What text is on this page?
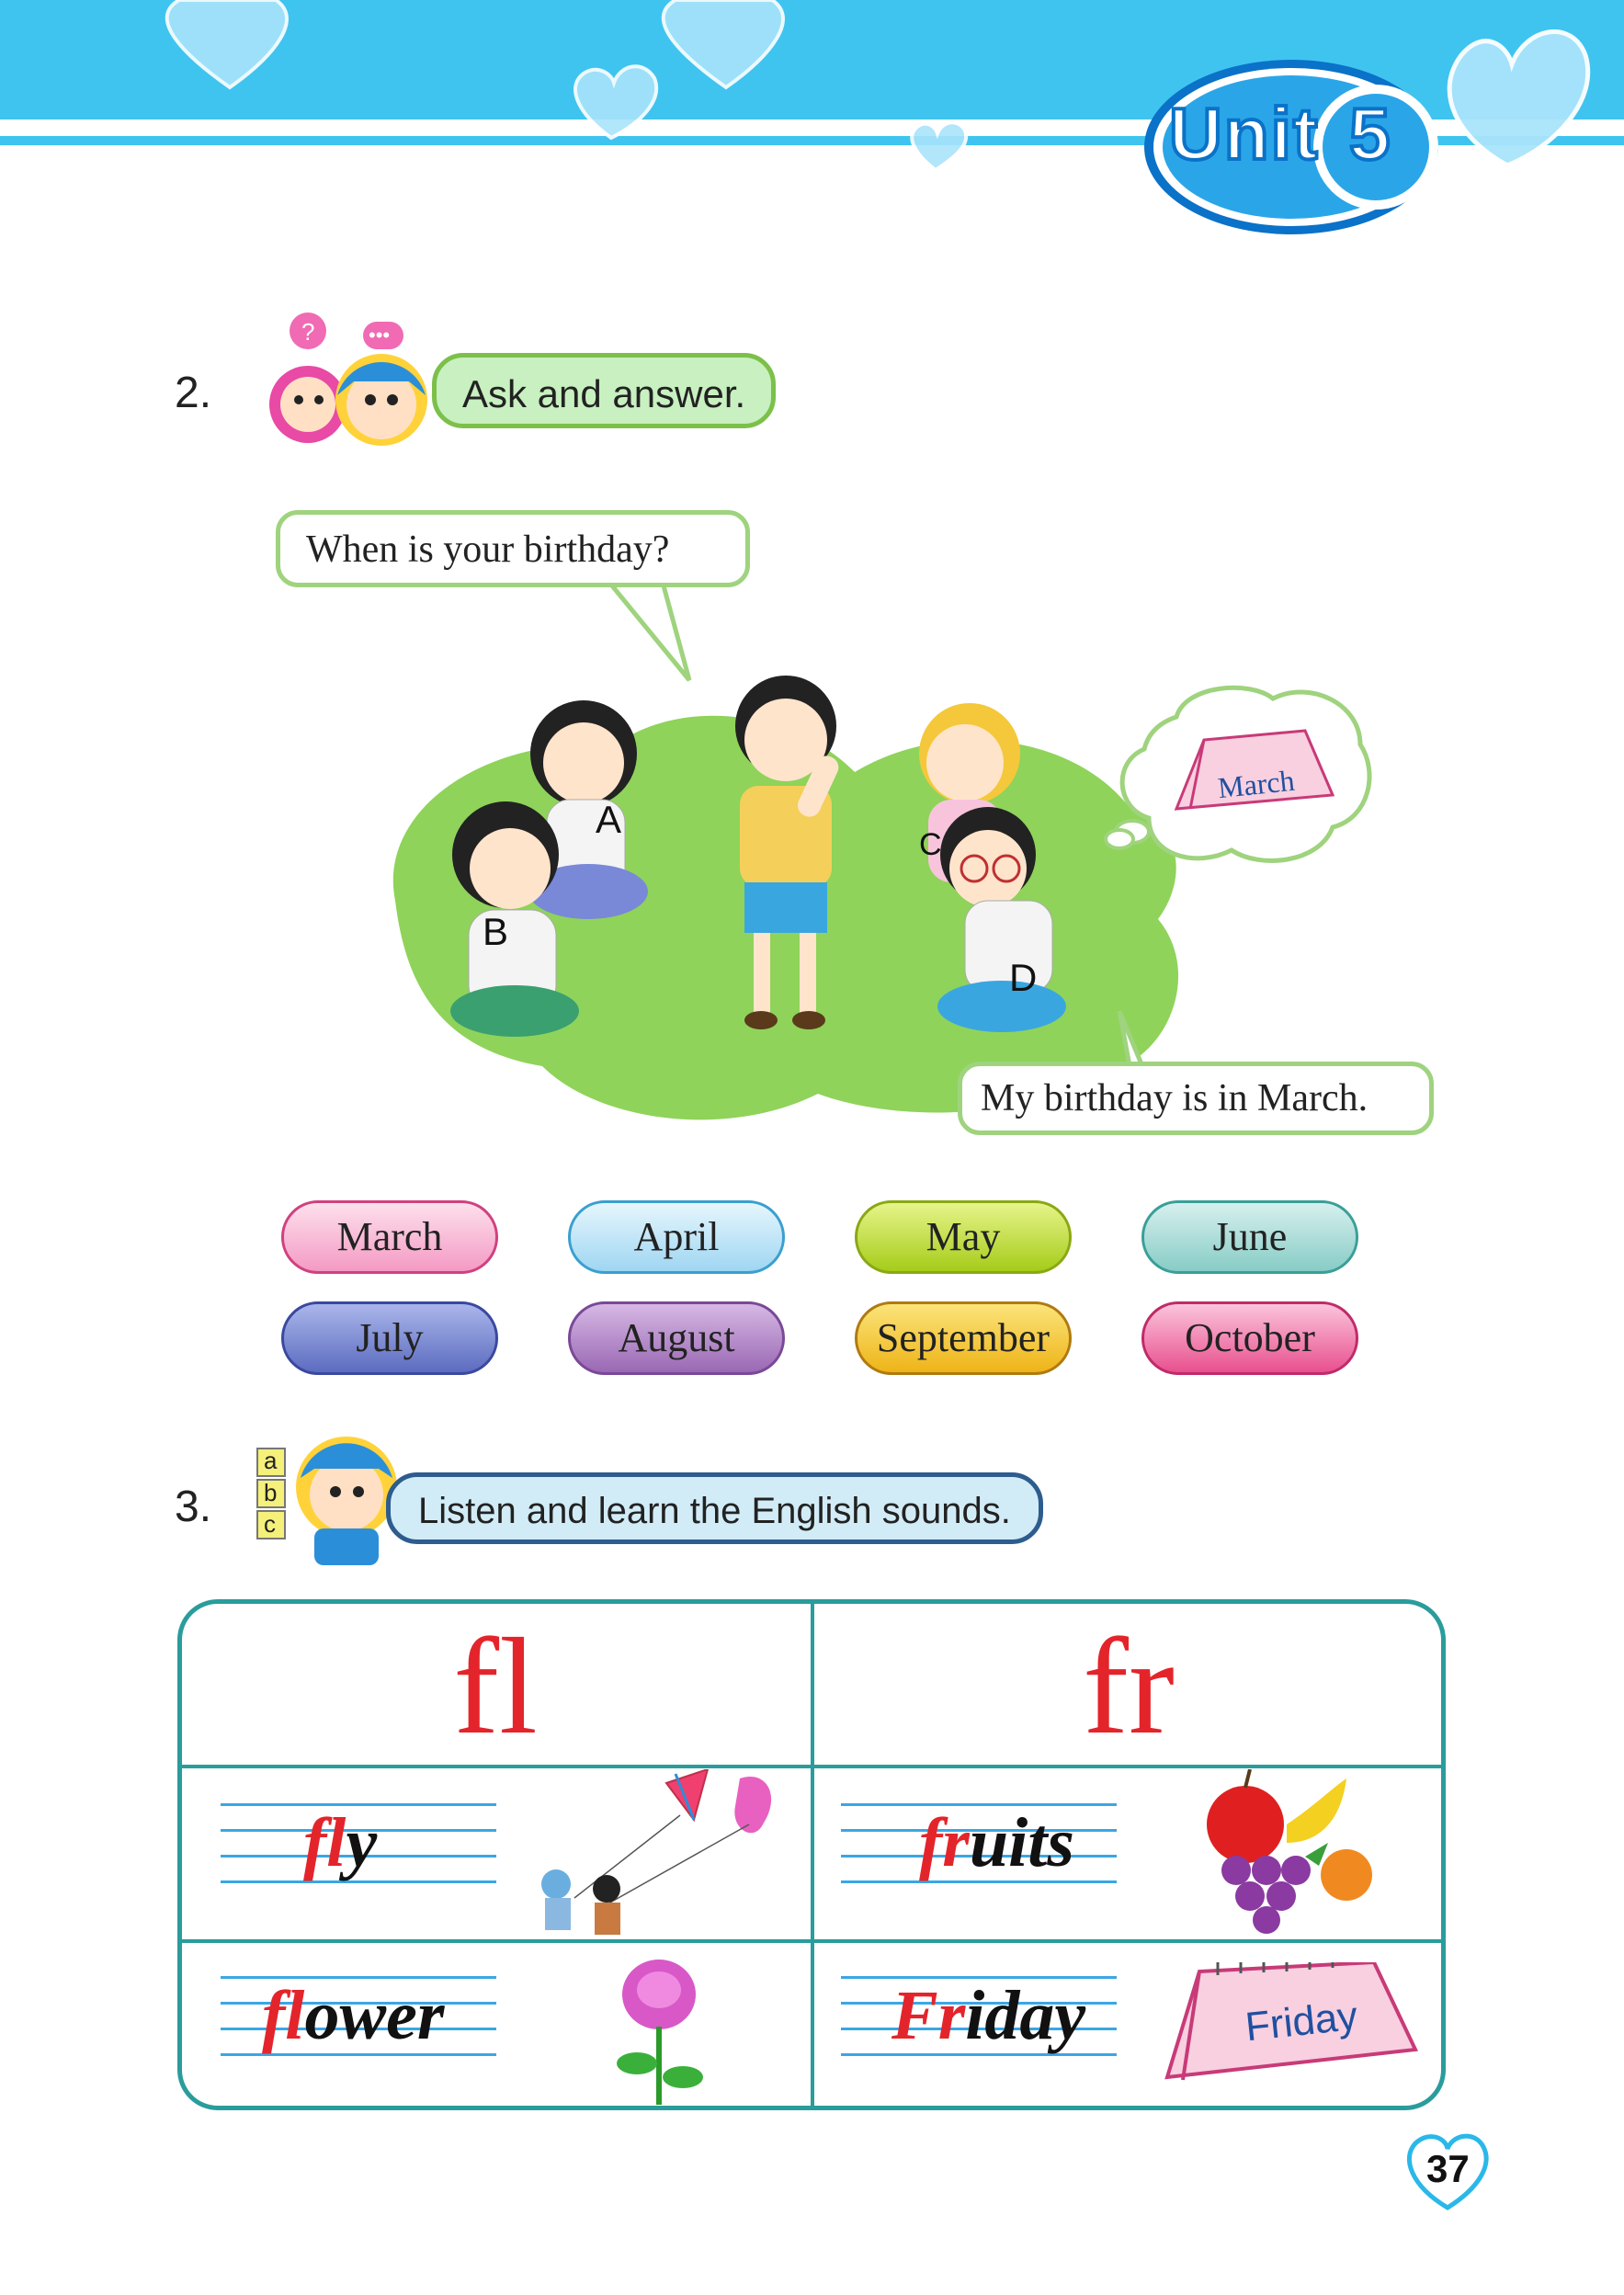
Unit 5
2.
?	•••
Ask and answer.
When is your birthday?
A
B
C
D
March
My birthday is in March.
March	April	May	June
July	August	September	October
3.
a
b
c	Listen and learn the English sounds.
fl	fr
fly	fruits
flower	Friday	Friday
37
